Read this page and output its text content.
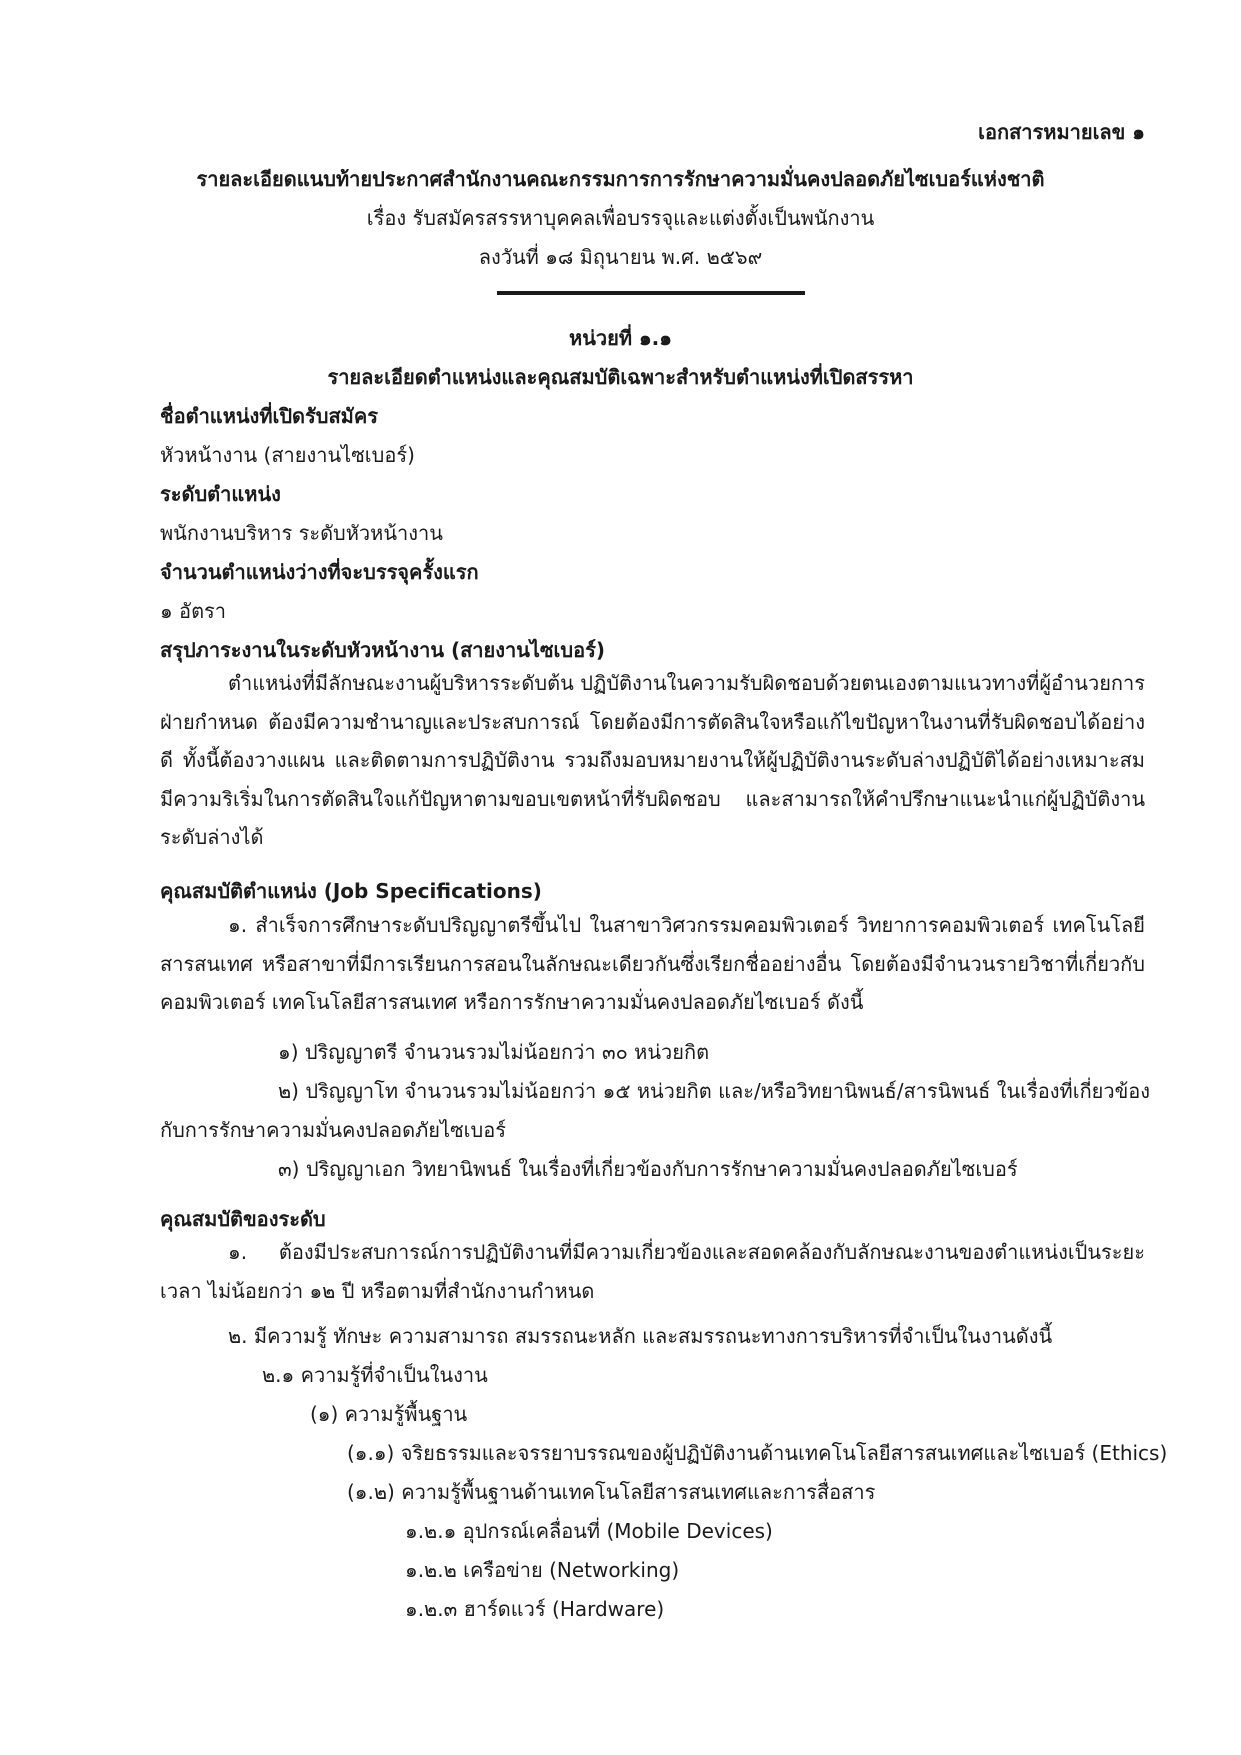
เอกสารหมายเลข ๑
รายละเอียดแนบท้ายประกาศสำนักงานคณะกรรมการการรักษาความมั่นคงปลอดภัยไซเบอร์แห่งชาติ
เรื่อง รับสมัครสรรหาบุคคลเพื่อบรรจุและแต่งตั้งเป็นพนักงาน
ลงวันที่ ๑๘ มิถุนายน พ.ศ. ๒๕๖๙
หน่วยที่ ๑.๑
รายละเอียดตำแหน่งและคุณสมบัติเฉพาะสำหรับตำแหน่งที่เปิดสรรหา
ชื่อตำแหน่งที่เปิดรับสมัคร
หัวหน้างาน (สายงานไซเบอร์)
ระดับตำแหน่ง
พนักงานบริหาร ระดับหัวหน้างาน
จำนวนตำแหน่งว่างที่จะบรรจุครั้งแรก
๑ อัตรา
สรุปภาระงานในระดับหัวหน้างาน (สายงานไซเบอร์)
ตำแหน่งที่มีลักษณะงานผู้บริหารระดับต้น ปฏิบัติงานในความรับผิดชอบด้วยตนเองตามแนวทางที่ผู้อำนวยการฝ่ายกำหนด ต้องมีความชำนาญและประสบการณ์ โดยต้องมีการตัดสินใจหรือแก้ไขปัญหาในงานที่รับผิดชอบได้อย่างดี ทั้งนี้ต้องวางแผน และติดตามการปฏิบัติงาน รวมถึงมอบหมายงานให้ผู้ปฏิบัติงานระดับล่างปฏิบัติได้อย่างเหมาะสม มีความริเริ่มในการตัดสินใจแก้ปัญหาตามขอบเขตหน้าที่รับผิดชอบ และสามารถให้คำปรึกษาแนะนำแก่ผู้ปฏิบัติงานระดับล่างได้
คุณสมบัติตำแหน่ง (Job Specifications)
๑. สำเร็จการศึกษาระดับปริญญาตรีขึ้นไป ในสาขาวิศวกรรมคอมพิวเตอร์ วิทยาการคอมพิวเตอร์ เทคโนโลยีสารสนเทศ หรือสาขาที่มีการเรียนการสอนในลักษณะเดียวกันซึ่งเรียกชื่ออย่างอื่น โดยต้องมีจำนวนรายวิชาที่เกี่ยวกับคอมพิวเตอร์ เทคโนโลยีสารสนเทศ หรือการรักษาความมั่นคงปลอดภัยไซเบอร์ ดังนี้
๑) ปริญญาตรี จำนวนรวมไม่น้อยกว่า ๓๐ หน่วยกิต
๒) ปริญญาโท จำนวนรวมไม่น้อยกว่า ๑๕ หน่วยกิต และ/หรือวิทยานิพนธ์/สารนิพนธ์ ในเรื่องที่เกี่ยวข้อง
กับการรักษาความมั่นคงปลอดภัยไซเบอร์
๓) ปริญญาเอก วิทยานิพนธ์ ในเรื่องที่เกี่ยวข้องกับการรักษาความมั่นคงปลอดภัยไซเบอร์
คุณสมบัติของระดับ
๑. ต้องมีประสบการณ์การปฏิบัติงานที่มีความเกี่ยวข้องและสอดคล้องกับลักษณะงานของตำแหน่งเป็นระยะเวลา ไม่น้อยกว่า ๑๒ ปี หรือตามที่สำนักงานกำหนด
๒. มีความรู้ ทักษะ ความสามารถ สมรรถนะหลัก และสมรรถนะทางการบริหารที่จำเป็นในงานดังนี้
๒.๑ ความรู้ที่จำเป็นในงาน
(๑) ความรู้พื้นฐาน
(๑.๑) จริยธรรมและจรรยาบรรณของผู้ปฏิบัติงานด้านเทคโนโลยีสารสนเทศและไซเบอร์ (Ethics)
(๑.๒) ความรู้พื้นฐานด้านเทคโนโลยีสารสนเทศและการสื่อสาร
๑.๒.๑ อุปกรณ์เคลื่อนที่ (Mobile Devices)
๑.๒.๒ เครือข่าย (Networking)
๑.๒.๓ ฮาร์ดแวร์ (Hardware)
